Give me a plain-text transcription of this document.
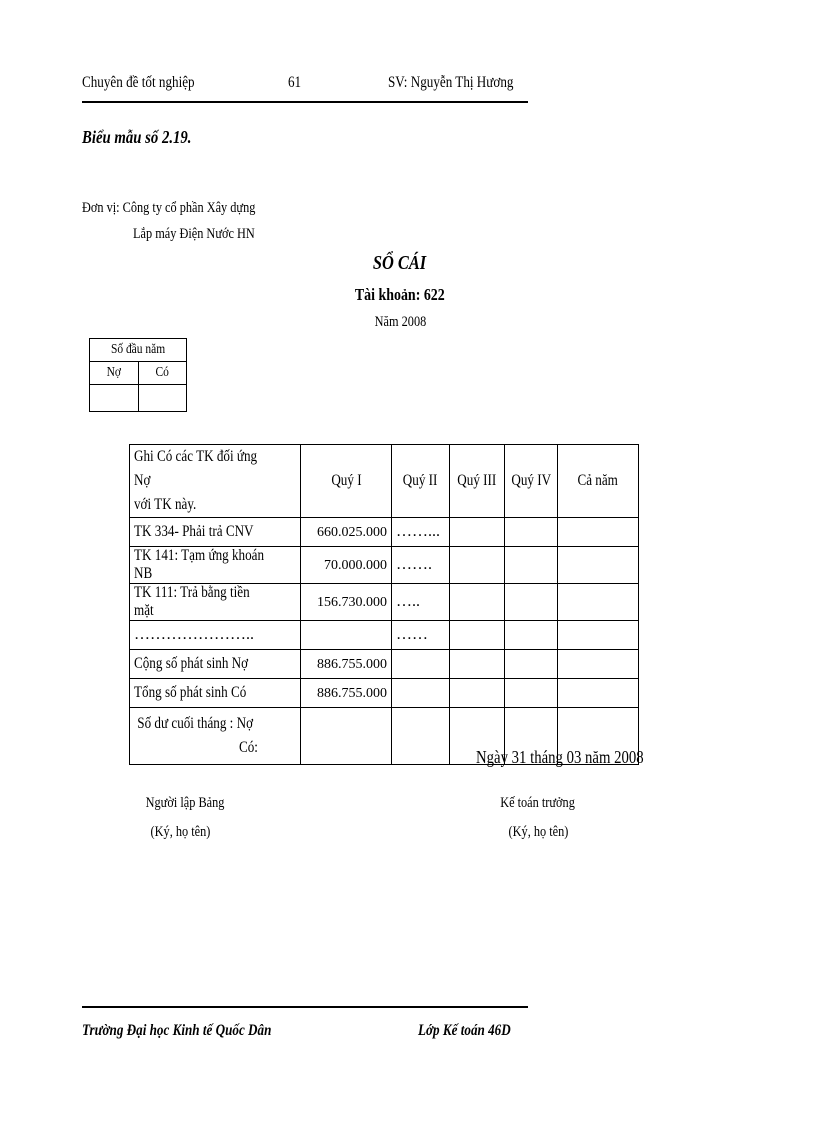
Chuyên đề tốt nghiệp	61	SV: Nguyễn Thị Hương
Biểu mẫu số 2.19.
Đơn vị: Công ty cổ phần Xây dựng
Lắp máy Điện Nước HN
SỔ CÁI
Tài khoản: 622
Năm 2008
Số đầu năm	
Nợ	Có

Ghi Có các TK đối ứng Nợ
với TK này.	Quý I	Quý II	Quý III	Quý IV	Cả năm
TK 334- Phải trả CNV	660.025.000	……...			
TK 141: Tạm ứng khoán NB	70.000.000	…….			
TK 111: Trả bằng tiền mặt	156.730.000	…..			
…………………..		……			
Cộng số phát sinh Nợ	886.755.000				
Tổng số phát sinh Có	886.755.000				
Số dư cuối tháng : Nợ

Có:					
						Ngày 31 tháng 03 năm 2008
Người lập Bảng
(Ký, họ tên)
Kế toán trưởng
(Ký, họ tên)
Trường Đại học Kinh tế Quốc Dân	Lớp Kế toán 46D
